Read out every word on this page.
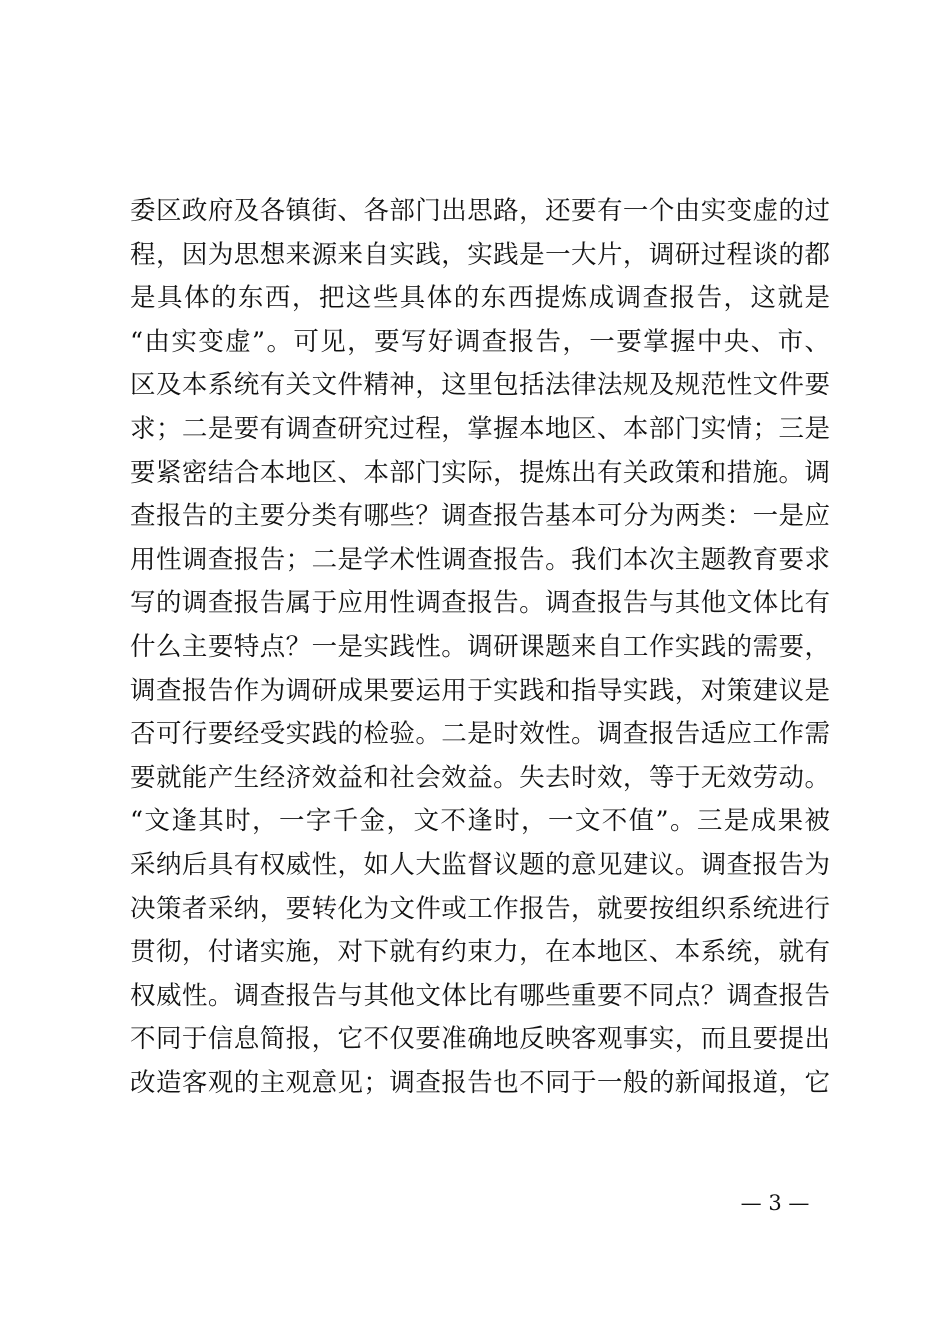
委区政府及各镇街、各部门出思路，还要有一个由实变虚的过
程，因为思想来源来自实践，实践是一大片，调研过程谈的都
是具体的东西，把这些具体的东西提炼成调查报告，这就是
“由实变虚”。可见，要写好调查报告，一要掌握中央、市、
区及本系统有关文件精神，这里包括法律法规及规范性文件要
求；二是要有调查研究过程，掌握本地区、本部门实情；三是
要紧密结合本地区、本部门实际，提炼出有关政策和措施。调
查报告的主要分类有哪些？调查报告基本可分为两类：一是应
用性调查报告；二是学术性调查报告。我们本次主题教育要求
写的调查报告属于应用性调查报告。调查报告与其他文体比有
什么主要特点？一是实践性。调研课题来自工作实践的需要，
调查报告作为调研成果要运用于实践和指导实践，对策建议是
否可行要经受实践的检验。二是时效性。调查报告适应工作需
要就能产生经济效益和社会效益。失去时效，等于无效劳动。
“文逢其时，一字千金，文不逢时，一文不值”。三是成果被
采纳后具有权威性，如人大监督议题的意见建议。调查报告为
决策者采纳，要转化为文件或工作报告，就要按组织系统进行
贯彻，付诸实施，对下就有约束力，在本地区、本系统，就有
权威性。调查报告与其他文体比有哪些重要不同点？调查报告
不同于信息简报，它不仅要准确地反映客观事实，而且要提出
改造客观的主观意见；调查报告也不同于一般的新闻报道，它
— 3 —
